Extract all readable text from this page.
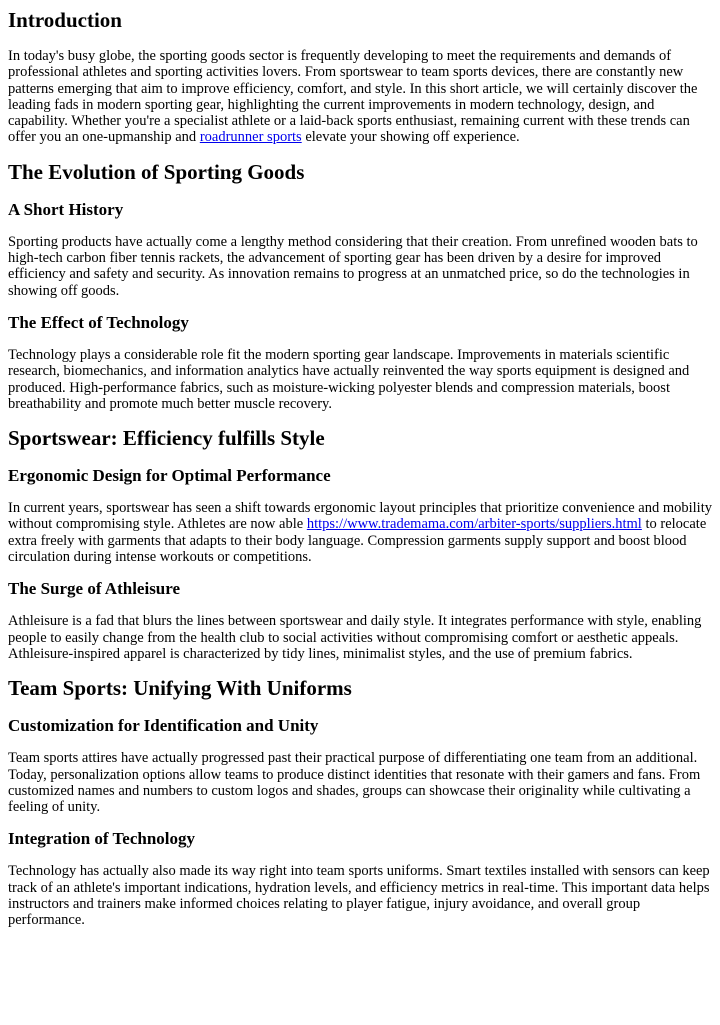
Introduction

In today's busy globe, the sporting goods sector is frequently developing to meet the requirements and demands of professional athletes and sporting activities lovers. From sportswear to team sports devices, there are constantly new patterns emerging that aim to improve efficiency, comfort, and style. In this short article, we will certainly discover the leading fads in modern sporting gear, highlighting the current improvements in modern technology, design, and capability. Whether you're a specialist athlete or a laid-back sports enthusiast, remaining current with these trends can offer you an one-upmanship and roadrunner sports elevate your showing off experience.

The Evolution of Sporting Goods
A Short History

Sporting products have actually come a lengthy method considering that their creation. From unrefined wooden bats to high-tech carbon fiber tennis rackets, the advancement of sporting gear has been driven by a desire for improved efficiency and safety and security. As innovation remains to progress at an unmatched price, so do the technologies in showing off goods.

The Effect of Technology

Technology plays a considerable role fit the modern sporting gear landscape. Improvements in materials scientific research, biomechanics, and information analytics have actually reinvented the way sports equipment is designed and produced. High-performance fabrics, such as moisture-wicking polyester blends and compression materials, boost breathability and promote much better muscle recovery.

Sportswear: Efficiency fulfills Style
Ergonomic Design for Optimal Performance

In current years, sportswear has seen a shift towards ergonomic layout principles that prioritize convenience and mobility without compromising style. Athletes are now able https://www.trademama.com/arbiter-sports/suppliers.html to relocate extra freely with garments that adapts to their body language. Compression garments supply support and boost blood circulation during intense workouts or competitions.

The Surge of Athleisure

Athleisure is a fad that blurs the lines between sportswear and daily style. It integrates performance with style, enabling people to easily change from the health club to social activities without compromising comfort or aesthetic appeals. Athleisure-inspired apparel is characterized by tidy lines, minimalist styles, and the use of premium fabrics.

Team Sports: Unifying With Uniforms
Customization for Identification and Unity

Team sports attires have actually progressed past their practical purpose of differentiating one team from an additional. Today, personalization options allow teams to produce distinct identities that resonate with their gamers and fans. From customized names and numbers to custom logos and shades, groups can showcase their originality while cultivating a feeling of unity.

Integration of Technology

Technology has actually also made its way right into team sports uniforms. Smart textiles installed with sensors can keep track of an athlete's important indications, hydration levels, and efficiency metrics in real-time. This important data helps instructors and trainers make informed choices relating to player fatigue, injury avoidance, and overall group performance.
